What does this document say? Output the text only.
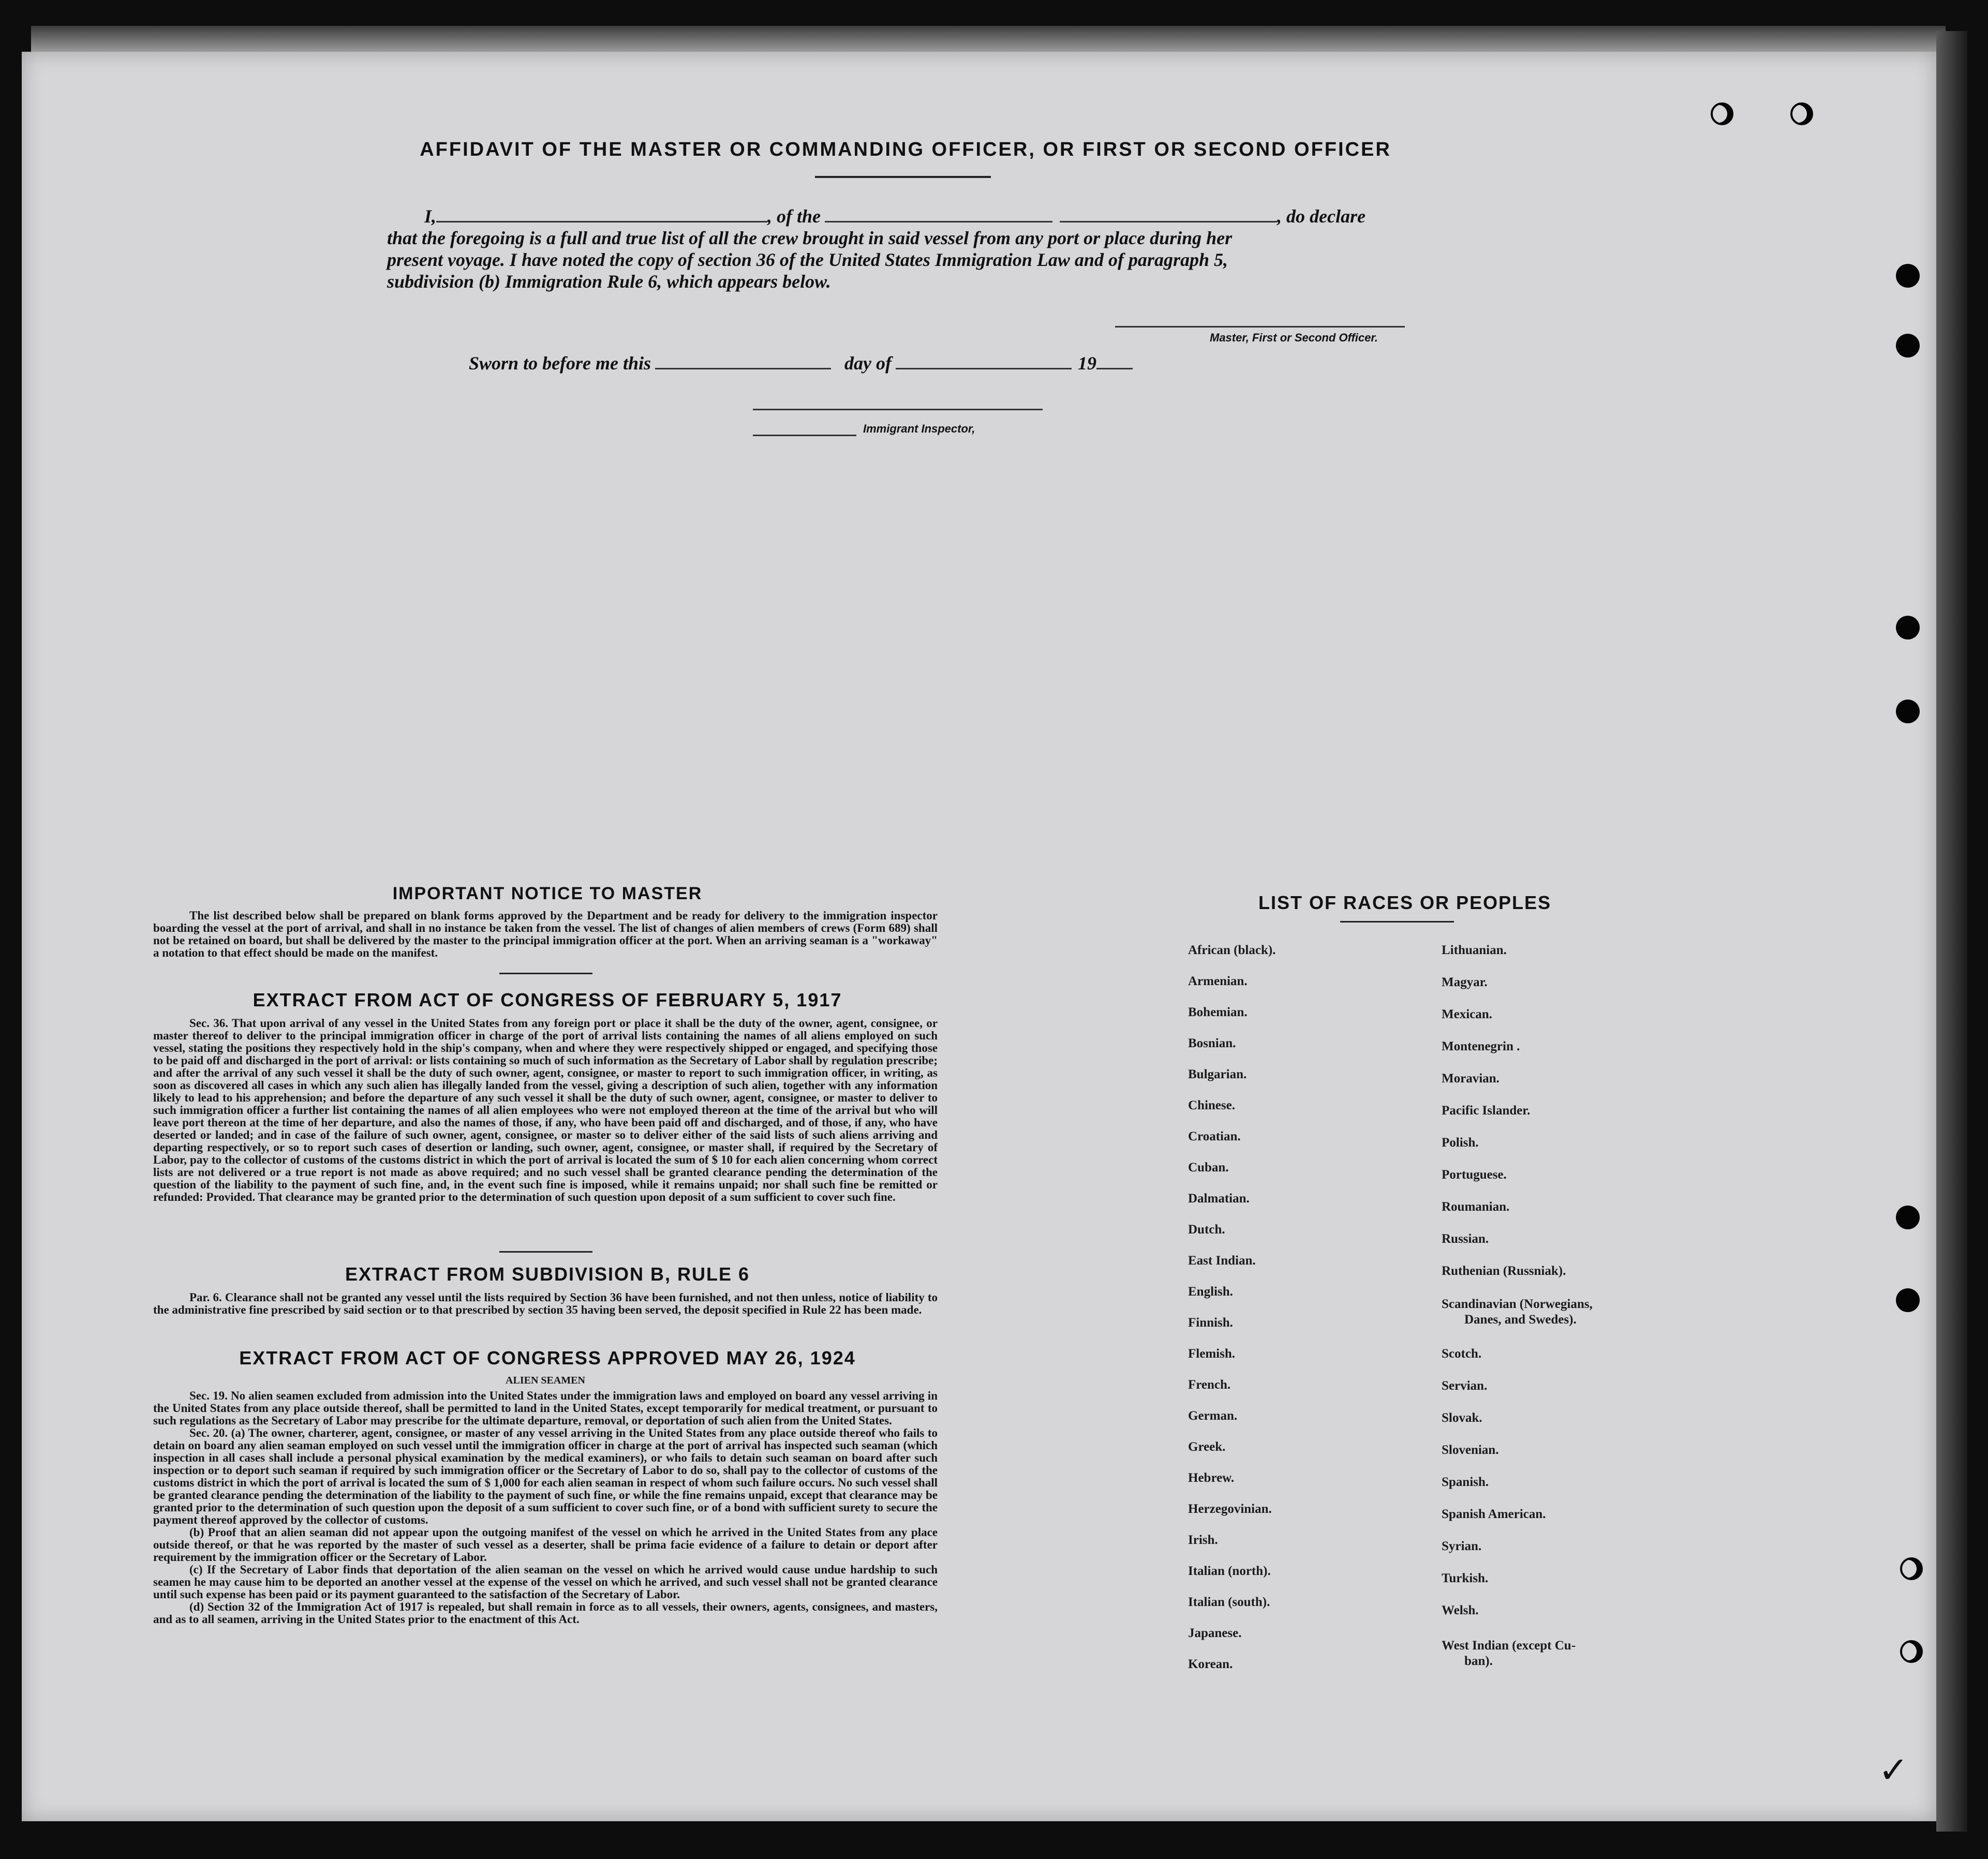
AFFIDAVIT OF THE MASTER OR COMMANDING OFFICER, OR FIRST OR SECOND OFFICER
I,	, of the	, do declare
that the foregoing is a full and true list of all the crew brought in said vessel from any port or place during her
present voyage. I have noted the copy of section 36 of the United States Immigration Law and of paragraph 5,
subdivision (b) Immigration Rule 6, which appears below.
Master, First or Second Officer.
Sworn to before me this	day of	19
Immigrant Inspector,
IMPORTANT NOTICE TO MASTER

The list described below shall be prepared on blank forms approved by the Department and be ready for delivery to the immigration inspector boarding the vessel at the port of arrival, and shall in no instance be taken from the vessel. The list of changes of alien members of crews (Form 689) shall not be retained on board, but shall be delivered by the master to the principal immigration officer at the port. When an arriving seaman is a "workaway" a notation to that effect should be made on the manifest.

EXTRACT FROM ACT OF CONGRESS OF FEBRUARY 5, 1917

Sec. 36. That upon arrival of any vessel in the United States from any foreign port or place it shall be the duty of the owner, agent, consignee, or master thereof to deliver to the principal immigration officer in charge of the port of arrival lists containing the names of all aliens employed on such vessel, stating the positions they respectively hold in the ship's company, when and where they were respectively shipped or engaged, and specifying those to be paid off and discharged in the port of arrival: or lists containing so much of such information as the Secretary of Labor shall by regulation prescribe; and after the arrival of any such vessel it shall be the duty of such owner, agent, consignee, or master to report to such immigration officer, in writing, as soon as discovered all cases in which any such alien has illegally landed from the vessel, giving a description of such alien, together with any information likely to lead to his apprehension; and before the departure of any such vessel it shall be the duty of such owner, agent, consignee, or master to deliver to such immigration officer a further list containing the names of all alien employees who were not employed thereon at the time of the arrival but who will leave port thereon at the time of her departure, and also the names of those, if any, who have been paid off and discharged, and of those, if any, who have deserted or landed; and in case of the failure of such owner, agent, consignee, or master so to deliver either of the said lists of such aliens arriving and departing respectively, or so to report such cases of desertion or landing, such owner, agent, consignee, or master shall, if required by the Secretary of Labor, pay to the collector of customs of the customs district in which the port of arrival is located the sum of $ 10 for each alien concerning whom correct lists are not delivered or a true report is not made as above required; and no such vessel shall be granted clearance pending the determination of the question of the liability to the payment of such fine, and, in the event such fine is imposed, while it remains unpaid; nor shall such fine be remitted or refunded: Provided. That clearance may be granted prior to the determination of such question upon deposit of a sum sufficient to cover such fine.

EXTRACT FROM SUBDIVISION B, RULE 6

Par. 6. Clearance shall not be granted any vessel until the lists required by Section 36 have been furnished, and not then unless, notice of liability to the administrative fine prescribed by said section or to that prescribed by section 35 having been served, the deposit specified in Rule 22 has been made.

EXTRACT FROM ACT OF CONGRESS APPROVED MAY 26, 1924
ALIEN SEAMEN

Sec. 19. No alien seamen excluded from admission into the United States under the immigration laws and employed on board any vessel arriving in the United States from any place outside thereof, shall be permitted to land in the United States, except temporarily for medical treatment, or pursuant to such regulations as the Secretary of Labor may prescribe for the ultimate departure, removal, or deportation of such alien from the United States.

Sec. 20. (a) The owner, charterer, agent, consignee, or master of any vessel arriving in the United States from any place outside thereof who fails to detain on board any alien seaman employed on such vessel until the immigration officer in charge at the port of arrival has inspected such seaman (which inspection in all cases shall include a personal physical examination by the medical examiners), or who fails to detain such seaman on board after such inspection or to deport such seaman if required by such immigration officer or the Secretary of Labor to do so, shall pay to the collector of customs of the customs district in which the port of arrival is located the sum of $ 1,000 for each alien seaman in respect of whom such failure occurs. No such vessel shall be granted clearance pending the determination of the liability to the payment of such fine, or while the fine remains unpaid, except that clearance may be granted prior to the determination of such question upon the deposit of a sum sufficient to cover such fine, or of a bond with sufficient surety to secure the payment thereof approved by the collector of customs.

(b) Proof that an alien seaman did not appear upon the outgoing manifest of the vessel on which he arrived in the United States from any place outside thereof, or that he was reported by the master of such vessel as a deserter, shall be prima facie evidence of a failure to detain or deport after requirement by the immigration officer or the Secretary of Labor.

(c) If the Secretary of Labor finds that deportation of the alien seaman on the vessel on which he arrived would cause undue hardship to such seamen he may cause him to be deported an another vessel at the expense of the vessel on which he arrived, and such vessel shall not be granted clearance until such expense has been paid or its payment guaranteed to the satisfaction of the Secretary of Labor.

(d) Section 32 of the Immigration Act of 1917 is repealed, but shall remain in force as to all vessels, their owners, agents, consignees, and masters, and as to all seamen, arriving in the United States prior to the enactment of this Act.

LIST OF RACES OR PEOPLES
African (black).
Armenian.
Bohemian.
Bosnian.
Bulgarian.
Chinese.
Croatian.
Cuban.
Dalmatian.
Dutch.
East Indian.
English.
Finnish.
Flemish.
French.
German.
Greek.
Hebrew.
Herzegovinian.
Irish.
Italian (north).
Italian (south).
Japanese.
Korean.
Lithuanian.
Magyar.
Mexican.
Montenegrin .
Moravian.
Pacific Islander.
Polish.
Portuguese.
Roumanian.
Russian.
Ruthenian (Russniak).
Scandinavian (Norwegians,
Danes, and Swedes).
Scotch.
Servian.
Slovak.
Slovenian.
Spanish.
Spanish American.
Syrian.
Turkish.
Welsh.
West Indian (except Cu-
ban).
✓
